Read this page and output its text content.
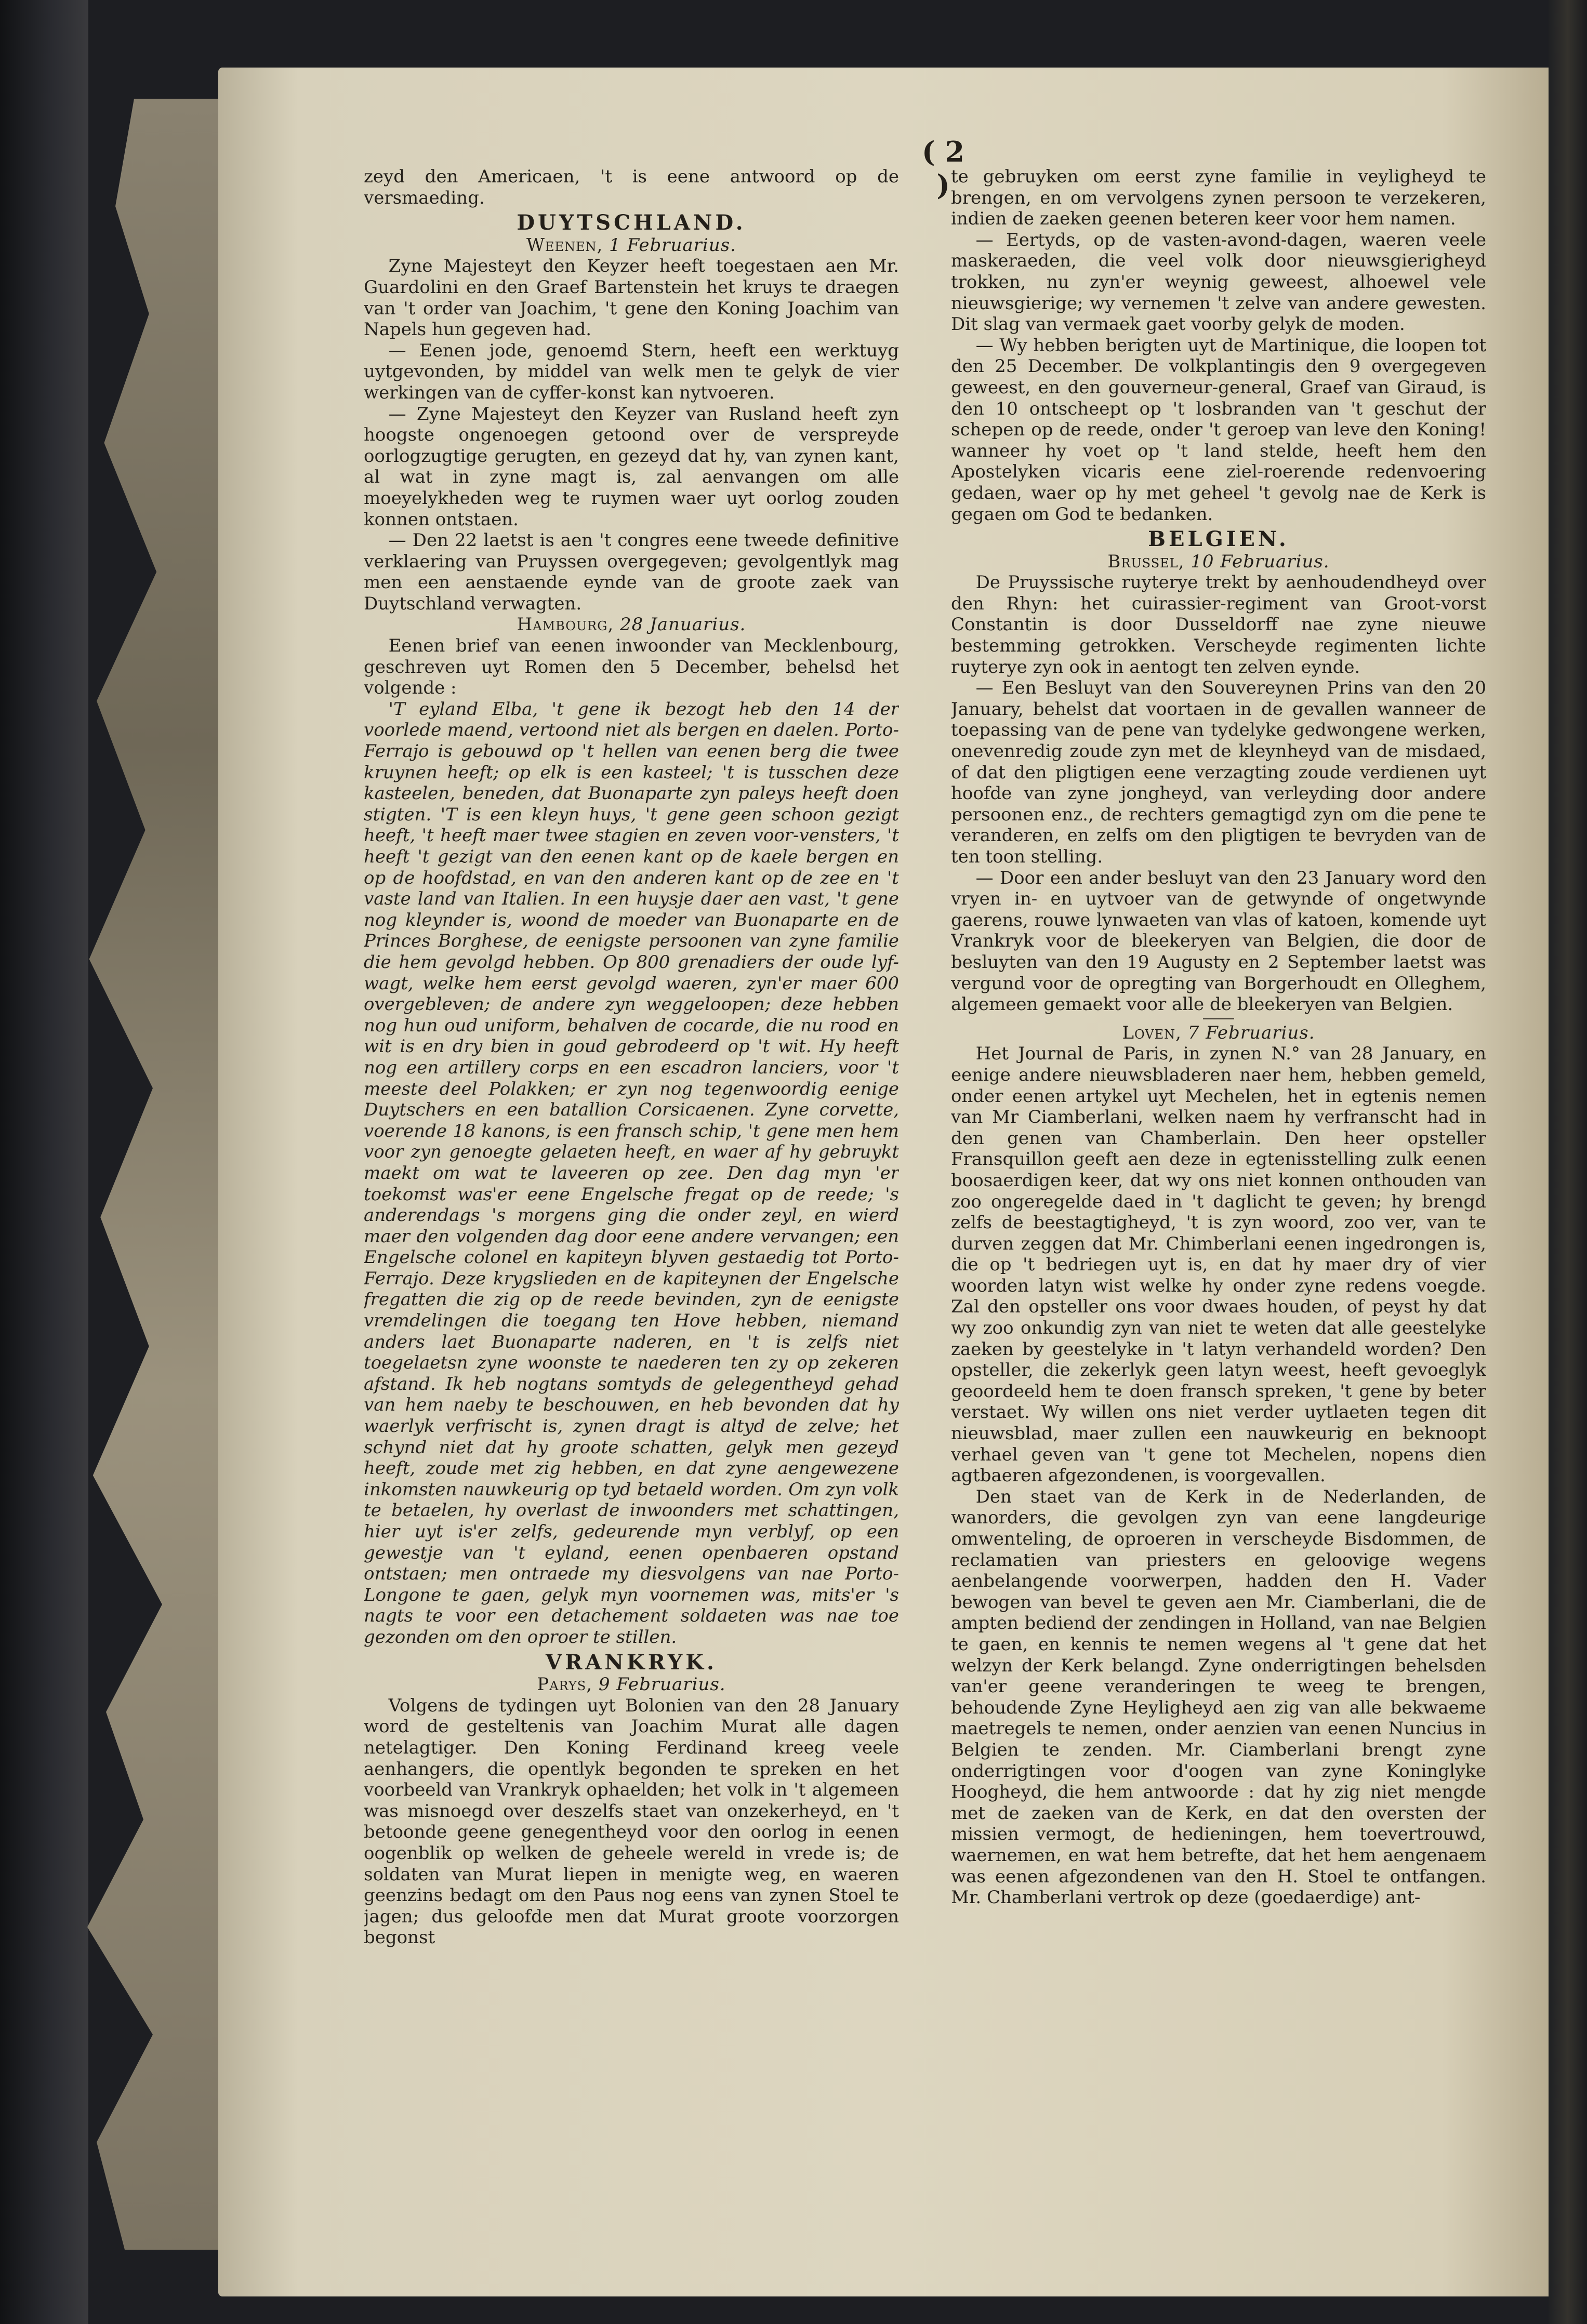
( 2 )

zeyd den Americaen, 't is eene antwoord op de versmaeding.

DUYTSCHLAND.

Weenen, 1 Februarius.

Zyne Majesteyt den Keyzer heeft toegestaen aen Mr. Guardolini en den Graef Bartenstein het kruys te draegen van 't order van Joachim, 't gene den Koning Joachim van Napels hun gegeven had.

— Eenen jode, genoemd Stern, heeft een werktuyg uytgevonden, by middel van welk men te gelyk de vier werkingen van de cyffer-konst kan nytvoeren.

— Zyne Majesteyt den Keyzer van Rusland heeft zyn hoogste ongenoegen getoond over de verspreyde oorlogzugtige gerugten, en gezeyd dat hy, van zynen kant, al wat in zyne magt is, zal aenvangen om alle moeyelykheden weg te ruymen waer uyt oorlog zouden konnen ontstaen.

— Den 22 laetst is aen 't congres eene tweede definitive verklaering van Pruyssen overgegeven; gevolgentlyk mag men een aenstaende eynde van de groote zaek van Duytschland verwagten.

Hambourg, 28 Januarius.

Eenen brief van eenen inwoonder van Mecklenbourg, geschreven uyt Romen den 5 December, behelsd het volgende :

'T eyland Elba, 't gene ik bezogt heb den 14 der voorlede maend, vertoond niet als bergen en daelen. Porto-Ferrajo is gebouwd op 't hellen van eenen berg die twee kruynen heeft; op elk is een kasteel; 't is tusschen deze kasteelen, beneden, dat Buonaparte zyn paleys heeft doen stigten. 'T is een kleyn huys, 't gene geen schoon gezigt heeft, 't heeft maer twee stagien en zeven voor-vensters, 't heeft 't gezigt van den eenen kant op de kaele bergen en op de hoofdstad, en van den anderen kant op de zee en 't vaste land van Italien. In een huysje daer aen vast, 't gene nog kleynder is, woond de moeder van Buonaparte en de Princes Borghese, de eenigste persoonen van zyne familie die hem gevolgd hebben. Op 800 grenadiers der oude lyf-wagt, welke hem eerst gevolgd waeren, zyn'er maer 600 overgebleven; de andere zyn weggeloopen; deze hebben nog hun oud uniform, behalven de cocarde, die nu rood en wit is en dry bien in goud gebrodeerd op 't wit. Hy heeft nog een artillery corps en een escadron lanciers, voor 't meeste deel Polakken; er zyn nog tegenwoordig eenige Duytschers en een batallion Corsicaenen. Zyne corvette, voerende 18 kanons, is een fransch schip, 't gene men hem voor zyn genoegte gelaeten heeft, en waer af hy gebruykt maekt om wat te laveeren op zee. Den dag myn 'er toekomst was'er eene Engelsche fregat op de reede; 's anderendags 's morgens ging die onder zeyl, en wierd maer den volgenden dag door eene andere vervangen; een Engelsche colonel en kapiteyn blyven gestaedig tot Porto-Ferrajo. Deze krygslieden en de kapiteynen der Engelsche fregatten die zig op de reede bevinden, zyn de eenigste vremdelingen die toegang ten Hove hebben, niemand anders laet Buonaparte naderen, en 't is zelfs niet toegelaetsn zyne woonste te naederen ten zy op zekeren afstand. Ik heb nogtans somtyds de gelegentheyd gehad van hem naeby te beschouwen, en heb bevonden dat hy waerlyk verfrischt is, zynen dragt is altyd de zelve; het schynd niet dat hy groote schatten, gelyk men gezeyd heeft, zoude met zig hebben, en dat zyne aengewezene inkomsten nauwkeurig op tyd betaeld worden. Om zyn volk te betaelen, hy overlast de inwoonders met schattingen, hier uyt is'er zelfs, gedeurende myn verblyf, op een gewestje van 't eyland, eenen openbaeren opstand ontstaen; men ontraede my diesvolgens van nae Porto-Longone te gaen, gelyk myn voornemen was, mits'er 's nagts te voor een detachement soldaeten was nae toe gezonden om den oproer te stillen.

VRANKRYK.

Parys, 9 Februarius.

Volgens de tydingen uyt Bolonien van den 28 January word de gesteltenis van Joachim Murat alle dagen netelagtiger. Den Koning Ferdinand kreeg veele aenhangers, die opentlyk begonden te spreken en het voorbeeld van Vrankryk ophaelden; het volk in 't algemeen was misnoegd over deszelfs staet van onzekerheyd, en 't betoonde geene genegentheyd voor den oorlog in eenen oogenblik op welken de geheele wereld in vrede is; de soldaten van Murat liepen in menigte weg, en waeren geenzins bedagt om den Paus nog eens van zynen Stoel te jagen; dus geloofde men dat Murat groote voorzorgen begonst

te gebruyken om eerst zyne familie in veyligheyd te brengen, en om vervolgens zynen persoon te verzekeren, indien de zaeken geenen beteren keer voor hem namen.

— Eertyds, op de vasten-avond-dagen, waeren veele maskeraeden, die veel volk door nieuwsgierigheyd trokken, nu zyn'er weynig geweest, alhoewel vele nieuwsgierige; wy vernemen 't zelve van andere gewesten. Dit slag van vermaek gaet voorby gelyk de moden.

— Wy hebben berigten uyt de Martinique, die loopen tot den 25 December. De volkplantingis den 9 overgegeven geweest, en den gouverneur-general, Graef van Giraud, is den 10 ontscheept op 't losbranden van 't geschut der schepen op de reede, onder 't geroep van leve den Koning! wanneer hy voet op 't land stelde, heeft hem den Apostelyken vicaris eene ziel-roerende redenvoering gedaen, waer op hy met geheel 't gevolg nae de Kerk is gegaen om God te bedanken.

BELGIEN.

Brussel, 10 Februarius.

De Pruyssische ruyterye trekt by aenhoudendheyd over den Rhyn: het cuirassier-regiment van Groot-vorst Constantin is door Dusseldorff nae zyne nieuwe bestemming getrokken. Verscheyde regimenten lichte ruyterye zyn ook in aentogt ten zelven eynde.

— Een Besluyt van den Souvereynen Prins van den 20 January, behelst dat voortaen in de gevallen wanneer de toepassing van de pene van tydelyke gedwongene werken, onevenredig zoude zyn met de kleynheyd van de misdaed, of dat den pligtigen eene verzagting zoude verdienen uyt hoofde van zyne jongheyd, van verleyding door andere persoonen enz., de rechters gemagtigd zyn om die pene te veranderen, en zelfs om den pligtigen te bevryden van de ten toon stelling.

— Door een ander besluyt van den 23 January word den vryen in- en uytvoer van de getwynde of ongetwynde gaerens, rouwe lynwaeten van vlas of katoen, komende uyt Vrankryk voor de bleekeryen van Belgien, die door de besluyten van den 19 Augusty en 2 September laetst was vergund voor de opregting van Borgerhoudt en Olleghem, algemeen gemaekt voor alle de bleekeryen van Belgien.

Loven, 7 Februarius.

Het Journal de Paris, in zynen N.° van 28 January, en eenige andere nieuwsbladeren naer hem, hebben gemeld, onder eenen artykel uyt Mechelen, het in egtenis nemen van Mr Ciamberlani, welken naem hy verfranscht had in den genen van Chamberlain. Den heer opsteller Fransquillon geeft aen deze in egtenisstelling zulk eenen boosaerdigen keer, dat wy ons niet konnen onthouden van zoo ongeregelde daed in 't daglicht te geven; hy brengd zelfs de beestagtigheyd, 't is zyn woord, zoo ver, van te durven zeggen dat Mr. Chimberlani eenen ingedrongen is, die op 't bedriegen uyt is, en dat hy maer dry of vier woorden latyn wist welke hy onder zyne redens voegde. Zal den opsteller ons voor dwaes houden, of peyst hy dat wy zoo onkundig zyn van niet te weten dat alle geestelyke zaeken by geestelyke in 't latyn verhandeld worden? Den opsteller, die zekerlyk geen latyn weest, heeft gevoeglyk geoordeeld hem te doen fransch spreken, 't gene by beter verstaet. Wy willen ons niet verder uytlaeten tegen dit nieuwsblad, maer zullen een nauwkeurig en beknoopt verhael geven van 't gene tot Mechelen, nopens dien agtbaeren afgezondenen, is voorgevallen.

Den staet van de Kerk in de Nederlanden, de wanorders, die gevolgen zyn van eene langdeurige omwenteling, de oproeren in verscheyde Bisdommen, de reclamatien van priesters en geloovige wegens aenbelangende voorwerpen, hadden den H. Vader bewogen van bevel te geven aen Mr. Ciamberlani, die de ampten bediend der zendingen in Holland, van nae Belgien te gaen, en kennis te nemen wegens al 't gene dat het welzyn der Kerk belangd. Zyne onderrigtingen behelsden van'er geene veranderingen te weeg te brengen, behoudende Zyne Heyligheyd aen zig van alle bekwaeme maetregels te nemen, onder aenzien van eenen Nuncius in Belgien te zenden. Mr. Ciamberlani brengt zyne onderrigtingen voor d'oogen van zyne Koninglyke Hoogheyd, die hem antwoorde : dat hy zig niet mengde met de zaeken van de Kerk, en dat den oversten der missien vermogt, de hedieningen, hem toevertrouwd, waernemen, en wat hem betrefte, dat het hem aengenaem was eenen afgezondenen van den H. Stoel te ontfangen. Mr. Chamberlani vertrok op deze (goedaerdige) ant-
